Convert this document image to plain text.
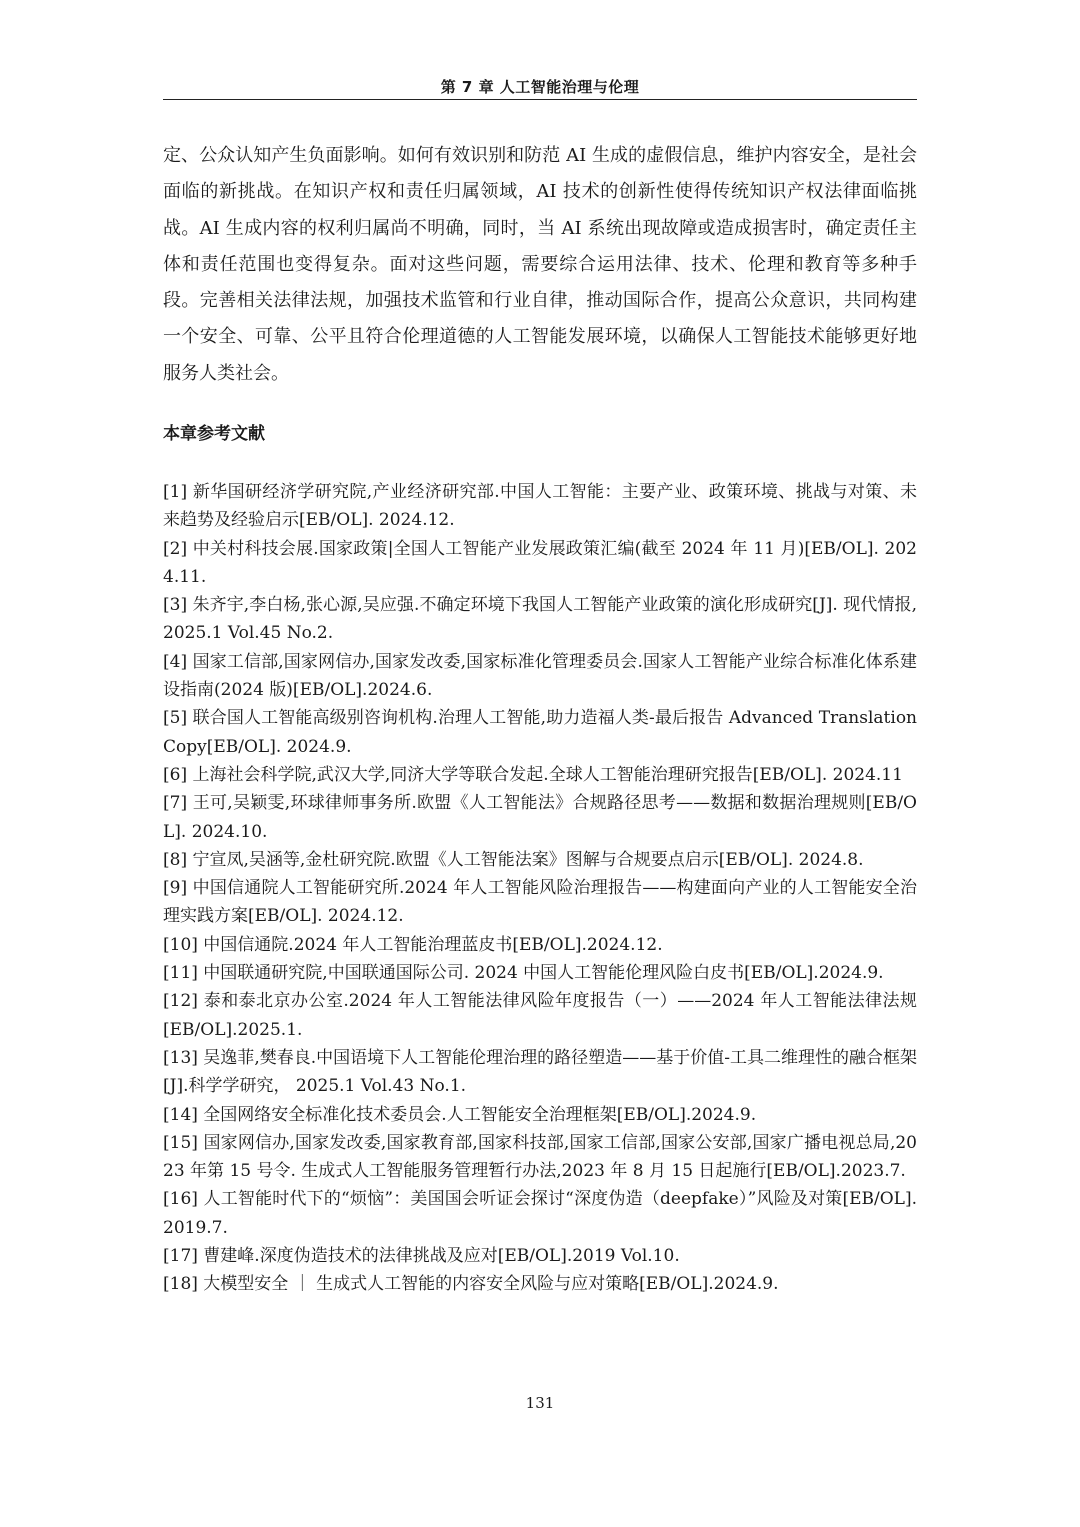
第 7 章 人工智能治理与伦理

定、公众认知产生负面影响。如何有效识别和防范 AI 生成的虚假信息，维护内容安全，是社会面临的新挑战。在知识产权和责任归属领域，AI 技术的创新性使得传统知识产权法律面临挑战。AI 生成内容的权利归属尚不明确，同时，当 AI 系统出现故障或造成损害时，确定责任主体和责任范围也变得复杂。面对这些问题，需要综合运用法律、技术、伦理和教育等多种手段。完善相关法律法规，加强技术监管和行业自律，推动国际合作，提高公众意识，共同构建一个安全、可靠、公平且符合伦理道德的人工智能发展环境，以确保人工智能技术能够更好地服务人类社会。

本章参考文献
[1] 新华国研经济学研究院,产业经济研究部.中国人工智能：主要产业、政策环境、挑战与对策、未来趋势及经验启示[EB/OL]. 2024.12.
[2] 中关村科技会展.国家政策|全国人工智能产业发展政策汇编(截至 2024 年 11 月)[EB/OL]. 2024.11.
[3] 朱齐宇,李白杨,张心源,吴应强.不确定环境下我国人工智能产业政策的演化形成研究[J]. 现代情报, 2025.1 Vol.45 No.2.
[4] 国家工信部,国家网信办,国家发改委,国家标准化管理委员会.国家人工智能产业综合标准化体系建设指南(2024 版)[EB/OL].2024.6.
[5] 联合国人工智能高级别咨询机构.治理人工智能,助力造福人类-最后报告 Advanced Translation Copy[EB/OL]. 2024.9.
[6] 上海社会科学院,武汉大学,同济大学等联合发起.全球人工智能治理研究报告[EB/OL]. 2024.11
[7] 王可,吴颖雯,环球律师事务所.欧盟《人工智能法》合规路径思考——数据和数据治理规则[EB/OL]. 2024.10.
[8] 宁宣凤,吴涵等,金杜研究院.欧盟《人工智能法案》图解与合规要点启示[EB/OL]. 2024.8.
[9] 中国信通院人工智能研究所.2024 年人工智能风险治理报告——构建面向产业的人工智能安全治理实践方案[EB/OL]. 2024.12.
[10] 中国信通院.2024 年人工智能治理蓝皮书[EB/OL].2024.12.
[11] 中国联通研究院,中国联通国际公司. 2024 中国人工智能伦理风险白皮书[EB/OL].2024.9.
[12] 泰和泰北京办公室.2024 年人工智能法律风险年度报告（一）——2024 年人工智能法律法规[EB/OL].2025.1.
[13] 吴逸菲,樊春良.中国语境下人工智能伦理治理的路径塑造——基于价值-工具二维理性的融合框架[J].科学学研究， 2025.1 Vol.43 No.1.
[14] 全国网络安全标准化技术委员会.人工智能安全治理框架[EB/OL].2024.9.
[15] 国家网信办,国家发改委,国家教育部,国家科技部,国家工信部,国家公安部,国家广播电视总局,2023 年第 15 号令. 生成式人工智能服务管理暂行办法,2023 年 8 月 15 日起施行[EB/OL].2023.7.
[16] 人工智能时代下的“烦恼”：美国国会听证会探讨“深度伪造（deepfake）”风险及对策[EB/OL].2019.7.
[17] 曹建峰.深度伪造技术的法律挑战及应对[EB/OL].2019 Vol.10.
[18] 大模型安全 ｜ 生成式人工智能的内容安全风险与应对策略[EB/OL].2024.9.
131
